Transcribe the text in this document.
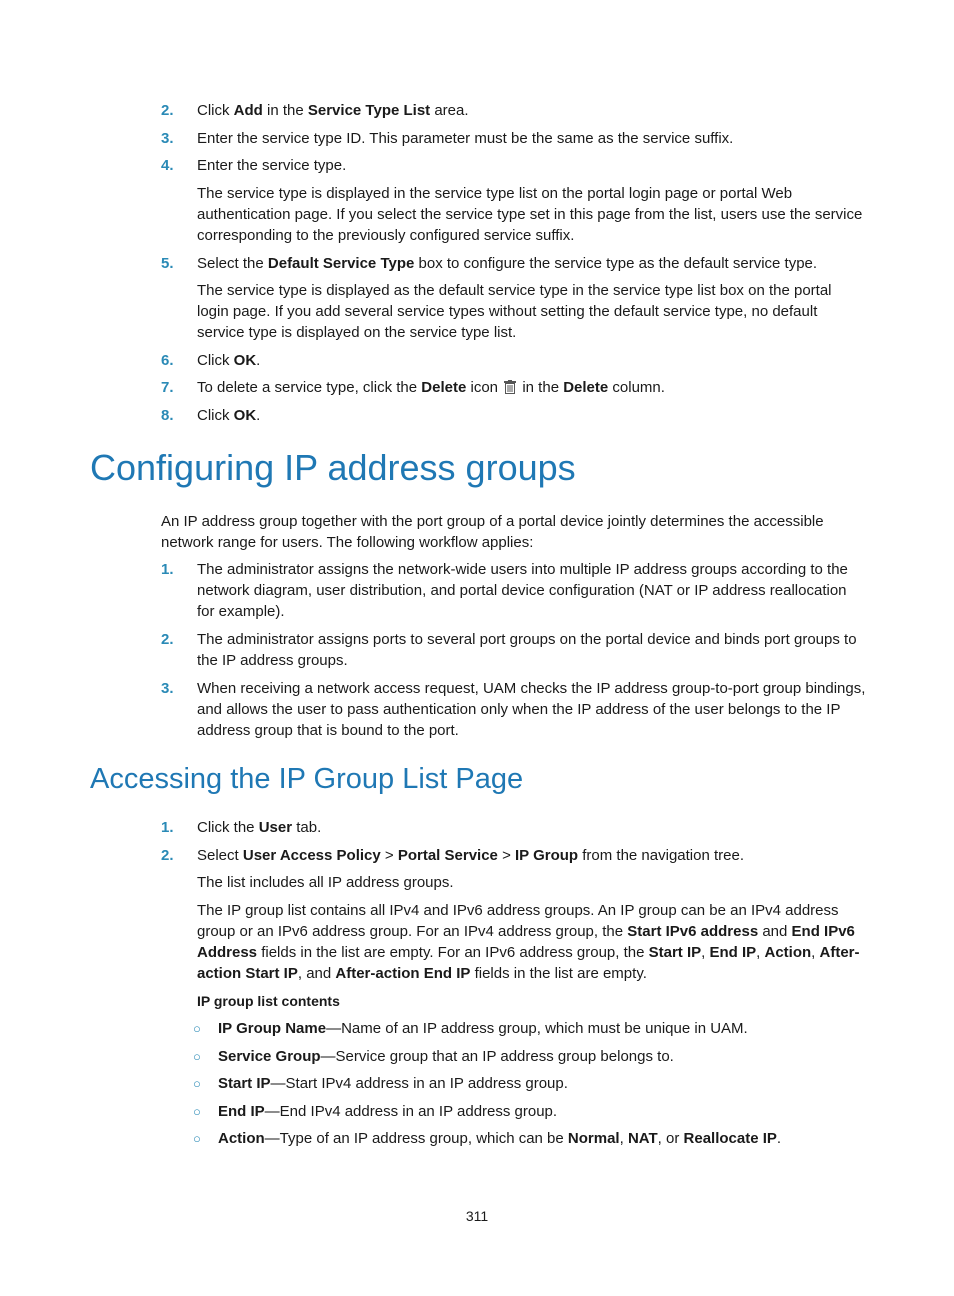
2. Click Add in the Service Type List area.
3. Enter the service type ID. This parameter must be the same as the service suffix.
4. Enter the service type.
The service type is displayed in the service type list on the portal login page or portal Web authentication page. If you select the service type set in this page from the list, users use the service corresponding to the previously configured service suffix.
5. Select the Default Service Type box to configure the service type as the default service type.
The service type is displayed as the default service type in the service type list box on the portal login page. If you add several service types without setting the default service type, no default service type is displayed on the service type list.
6. Click OK.
7. To delete a service type, click the Delete icon  in the Delete column.
8. Click OK.
Configuring IP address groups
An IP address group together with the port group of a portal device jointly determines the accessible network range for users. The following workflow applies:
1. The administrator assigns the network-wide users into multiple IP address groups according to the network diagram, user distribution, and portal device configuration (NAT or IP address reallocation for example).
2. The administrator assigns ports to several port groups on the portal device and binds port groups to the IP address groups.
3. When receiving a network access request, UAM checks the IP address group-to-port group bindings, and allows the user to pass authentication only when the IP address of the user belongs to the IP address group that is bound to the port.
Accessing the IP Group List Page
1. Click the User tab.
2. Select User Access Policy > Portal Service > IP Group from the navigation tree.
The list includes all IP address groups.
The IP group list contains all IPv4 and IPv6 address groups. An IP group can be an IPv4 address group or an IPv6 address group. For an IPv4 address group, the Start IPv6 address and End IPv6 Address fields in the list are empty. For an IPv6 address group, the Start IP, End IP, Action, After-action Start IP, and After-action End IP fields in the list are empty.
IP group list contents
○ IP Group Name—Name of an IP address group, which must be unique in UAM.
○ Service Group—Service group that an IP address group belongs to.
○ Start IP—Start IPv4 address in an IP address group.
○ End IP—End IPv4 address in an IP address group.
○ Action—Type of an IP address group, which can be Normal, NAT, or Reallocate IP.
311
